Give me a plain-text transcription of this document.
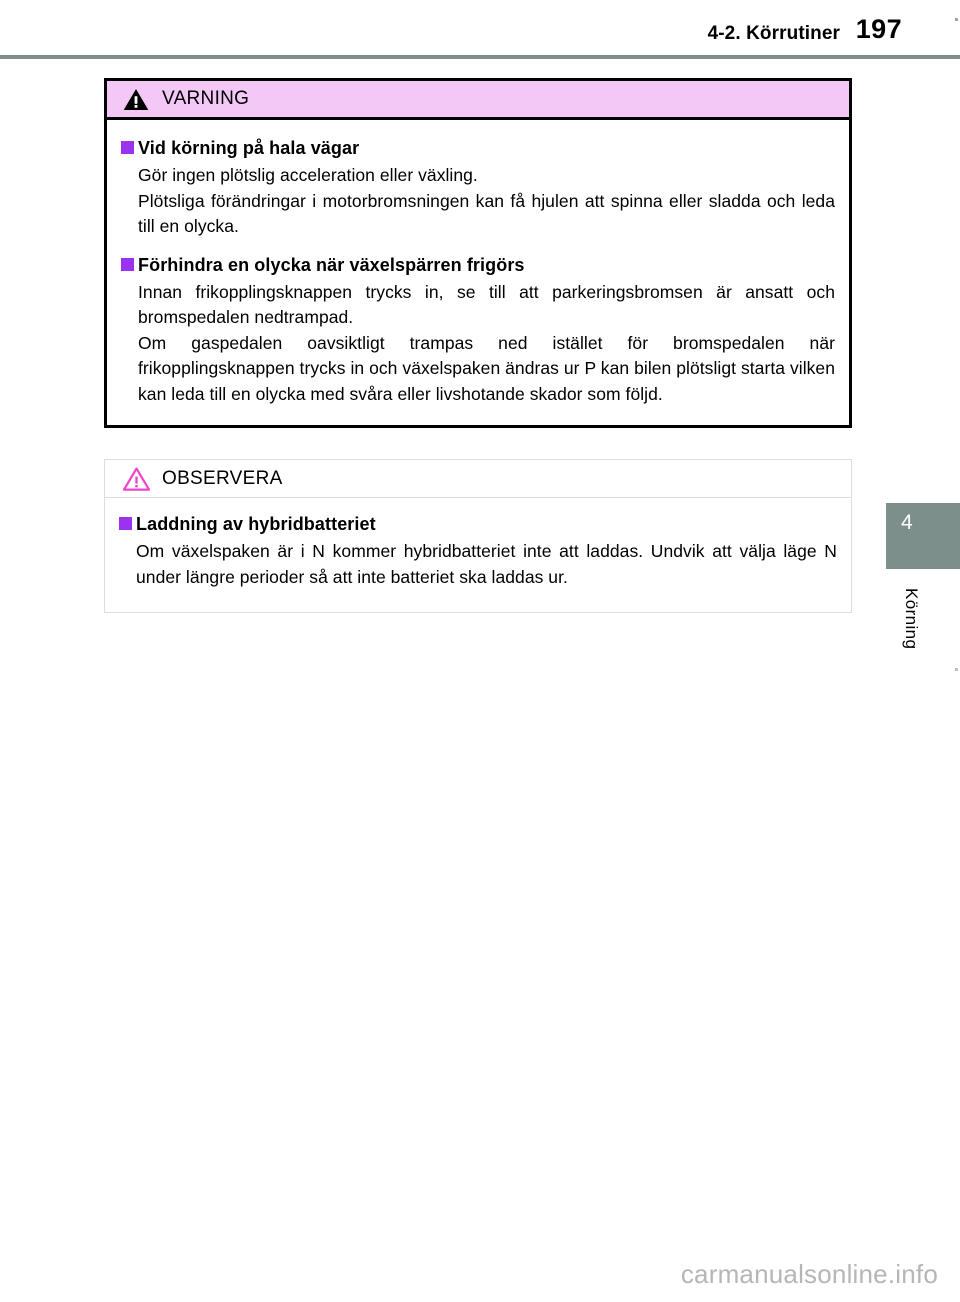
4-2. Körrutiner 197
VARNING
Vid körning på hala vägar

Gör ingen plötslig acceleration eller växling.

Plötsliga förändringar i motorbromsningen kan få hjulen att spinna eller sladda och leda till en olycka.

Förhindra en olycka när växelspärren frigörs

Innan frikopplingsknappen trycks in, se till att parkeringsbromsen är ansatt och bromspedalen nedtrampad.

Om gaspedalen oavsiktligt trampas ned istället för bromspedalen när frikopplingsknappen trycks in och växelspaken ändras ur P kan bilen plötsligt starta vilken kan leda till en olycka med svåra eller livshotande skador som följd.

OBSERVERA
Laddning av hybridbatteriet

Om växelspaken är i N kommer hybridbatteriet inte att laddas. Undvik att välja läge N under längre perioder så att inte batteriet ska laddas ur.

4
Körning
carmanualsonline.info
